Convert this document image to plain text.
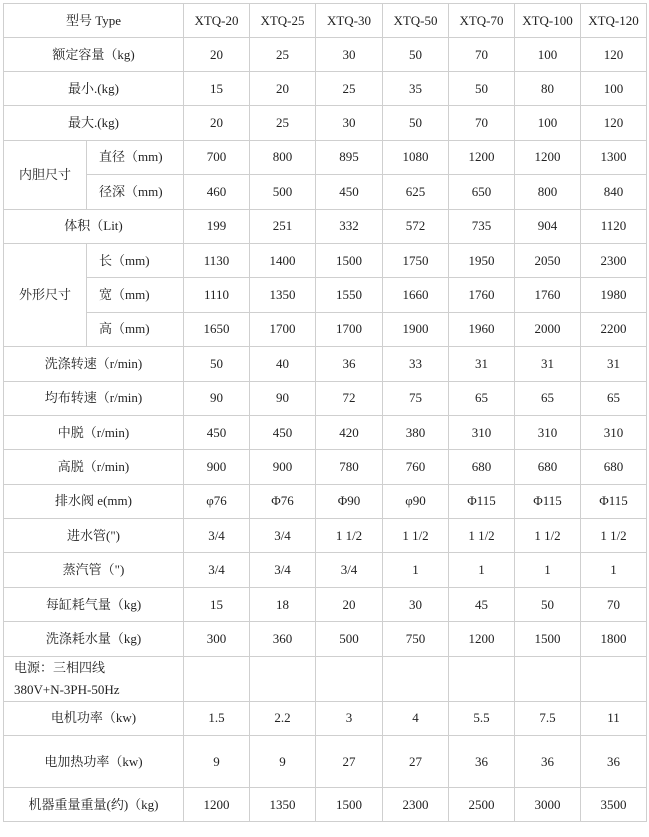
型号 Type		XTQ-20	XTQ-25	XTQ-30	XTQ-50	XTQ-70	XTQ-100	XTQ-120
额定容量（kg)		20	25	30	50	70	100	120
最小.(kg)		15	20	25	35	50	80	100
最大.(kg)		20	25	30	50	70	100	120
内胆尺寸	直径（mm)	700	800	895	1080	1200	1200	1300
	径深（mm)	460	500	450	625	650	800	840
体积（Lit)		199	251	332	572	735	904	1120
外形尺寸	长（mm)	1130	1400	1500	1750	1950	2050	2300
	宽（mm)	1110	1350	1550	1660	1760	1760	1980
	高（mm)	1650	1700	1700	1900	1960	2000	2200
洗涤转速（r/min)		50	40	36	33	31	31	31
均布转速（r/min)		90	90	72	75	65	65	65
中脱（r/min)		450	450	420	380	310	310	310
高脱（r/min)		900	900	780	760	680	680	680
排水阀 e(mm)		φ76	Φ76	Φ90	φ90	Φ115	Φ115	Φ115
进水管(")		3/4	3/4	1 1/2	1 1/2	1 1/2	1 1/2	1 1/2
蒸汽管（")		3/4	3/4	3/4	1	1	1	1
每缸耗气量（kg)		15	18	20	30	45	50	70
洗涤耗水量（kg)		300	360	500	750	1200	1500	1800

电源：三相四线
380V+N-3PH-50Hz								

电机功率（kw)		1.5	2.2	3	4	5.5	7.5	11
电加热功率（kw)		9	9	27	27	36	36	36
机器重量重量(约)（kg)		1200	1350	1500	2300	2500	3000	3500
